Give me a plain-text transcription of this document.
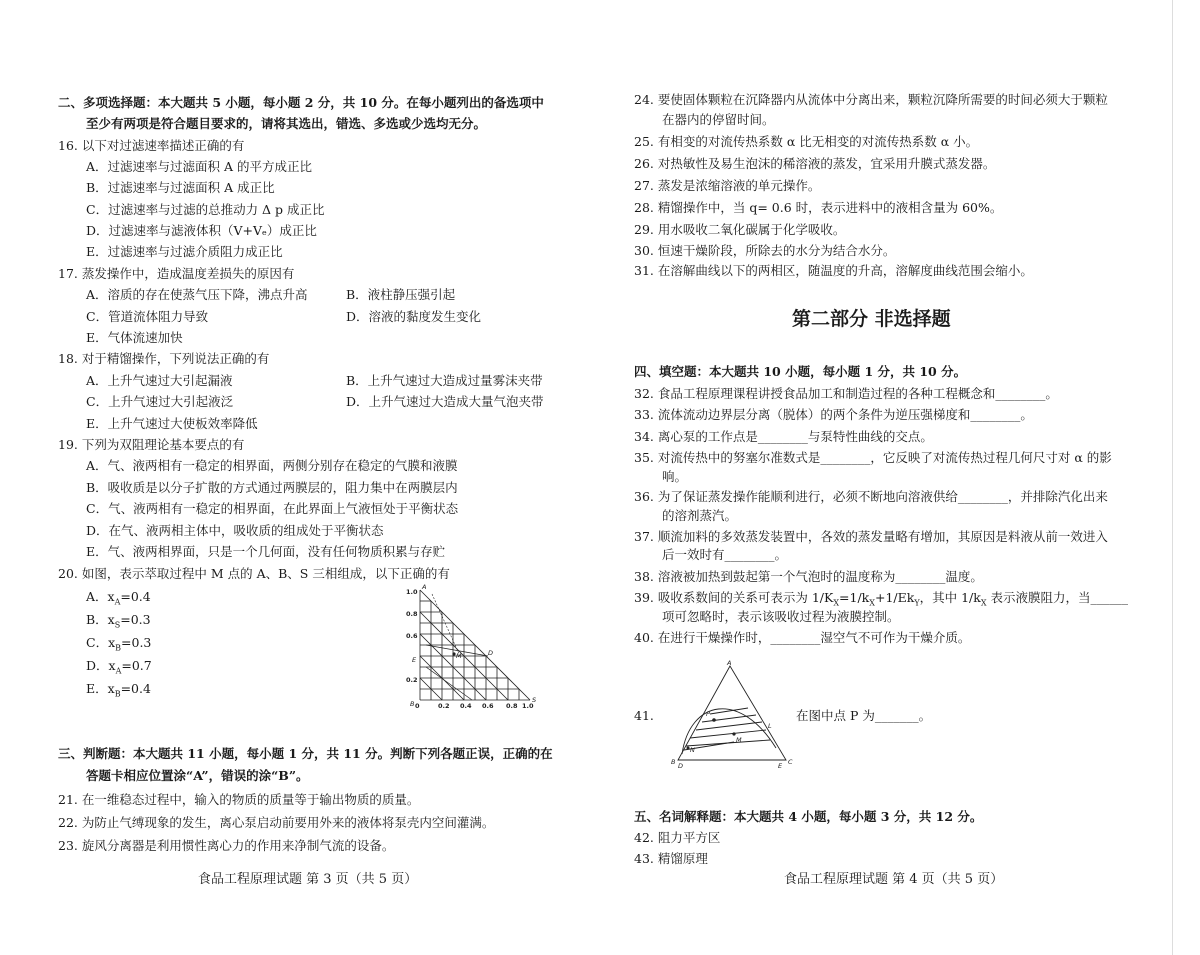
二、多项选择题：本大题共 5 小题，每小题 2 分，共 10 分。在每小题列出的备选项中
至少有两项是符合题目要求的，请将其选出，错选、多选或少选均无分。
16. 以下对过滤速率描述正确的有
A．过滤速率与过滤面积 A 的平方成正比
B．过滤速率与过滤面积 A 成正比
C．过滤速率与过滤的总推动力 Δ p 成正比
D．过滤速率与滤液体积（V+Vₑ）成正比
E．过滤速率与过滤介质阻力成正比
17. 蒸发操作中，造成温度差损失的原因有
A．溶质的存在使蒸气压下降，沸点升高	B．液柱静压强引起
C．管道流体阻力导致	D．溶液的黏度发生变化
E．气体流速加快
18. 对于精馏操作，下列说法正确的有
A．上升气速过大引起漏液	B．上升气速过大造成过量雾沫夹带
C．上升气速过大引起液泛	D．上升气速过大造成大量气泡夹带
E．上升气速过大使板效率降低
19. 下列为双阻理论基本要点的有
A．气、液两相有一稳定的相界面，两侧分别存在稳定的气膜和液膜
B．吸收质是以分子扩散的方式通过两膜层的，阻力集中在两膜层内
C．气、液两相有一稳定的相界面，在此界面上气液恒处于平衡状态
D．在气、液两相主体中，吸收质的组成处于平衡状态
E．气、液两相界面，只是一个几何面，没有任何物质积累与存贮
20. 如图，表示萃取过程中 M 点的 A、B、S 三相组成，以下正确的有
A．$x_A=0.4$
B．$x_S=0.3$
C．$x_B=0.3$
D．$x_A=0.7$
E．$x_B=0.4$
1.0
0.8
0.6
0.2
0	0.2 0.4 0.6 0.8 1.0
A
B	S
D
E	M
三、判断题：本大题共 11 小题，每小题 1 分，共 11 分。判断下列各题正误，正确的在
答题卡相应位置涂“A”，错误的涂“B”。
21. 在一维稳态过程中，输入的物质的质量等于输出物质的质量。
22. 为防止气缚现象的发生，离心泵启动前要用外来的液体将泵壳内空间灌满。
23. 旋风分离器是利用惯性离心力的作用来净制气流的设备。
食品工程原理试题 第 3 页（共 5 页）
24. 要使固体颗粒在沉降器内从流体中分离出来，颗粒沉降所需要的时间必须大于颗粒
在器内的停留时间。
25. 有相变的对流传热系数 α 比无相变的对流传热系数 α 小。
26. 对热敏性及易生泡沫的稀溶液的蒸发，宜采用升膜式蒸发器。
27. 蒸发是浓缩溶液的单元操作。
28. 精馏操作中，当 q= 0.6 时，表示进料中的液相含量为 60%。
29. 用水吸收二氧化碳属于化学吸收。
30. 恒速干燥阶段，所除去的水分为结合水分。
31. 在溶解曲线以下的两相区，随温度的升高，溶解度曲线范围会缩小。
第二部分 非选择题
四、填空题：本大题共 10 小题，每小题 1 分，共 10 分。
32. 食品工程原理课程讲授食品加工和制造过程的各种工程概念和________。
33. 流体流动边界层分离（脱体）的两个条件为逆压强梯度和________。
34. 离心泵的工作点是________与泵特性曲线的交点。
35. 对流传热中的努塞尔准数式是________，它反映了对流传热过程几何尺寸对 α 的影
响。
36. 为了保证蒸发操作能顺利进行，必须不断地向溶液供给________，并排除汽化出来
的溶剂蒸汽。
37. 顺流加料的多效蒸发装置中，各效的蒸发量略有增加，其原因是料液从前一效进入
后一效时有________。
38. 溶液被加热到鼓起第一个气泡时的温度称为________温度。
39. 吸收系数间的关系可表示为 $1/K_X=1/k_X+1/Ek_Y$，其中 $1/k_X$ 表示液膜阻力，当______
项可忽略时，表示该吸收过程为液膜控制。
40. 在进行干燥操作时，________湿空气不可作为干燥介质。
41.
A
B	C
D	E
P
L
M
N
在图中点 P 为_______。
五、名词解释题：本大题共 4 小题，每小题 3 分，共 12 分。
42. 阻力平方区
43. 精馏原理
食品工程原理试题 第 4 页（共 5 页）
